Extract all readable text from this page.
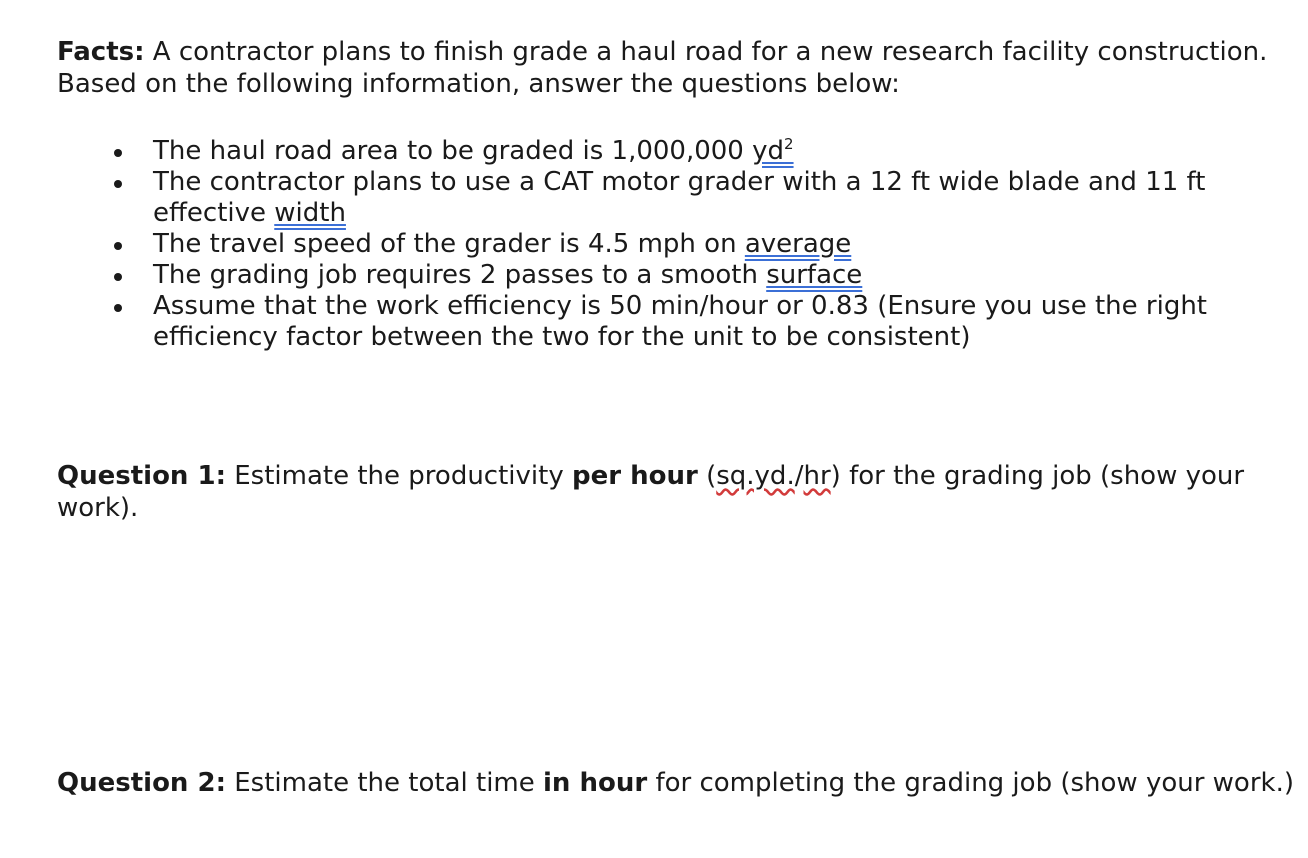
Facts: A contractor plans to finish grade a haul road for a new research facility construction. Based on the following information, answer the questions below:

The haul road area to be graded is 1,000,000 $yd^2$
The contractor plans to use a CAT motor grader with a 12 ft wide blade and 11 ft effective width
The travel speed of the grader is 4.5 mph on average
The grading job requires 2 passes to a smooth surface
Assume that the work efficiency is 50 min/hour or 0.83 (Ensure you use the right efficiency factor between the two for the unit to be consistent)

Question 1: Estimate the productivity per hour (sq.yd./hr) for the grading job (show your work).

Question 2: Estimate the total time in hour for completing the grading job (show your work.)
